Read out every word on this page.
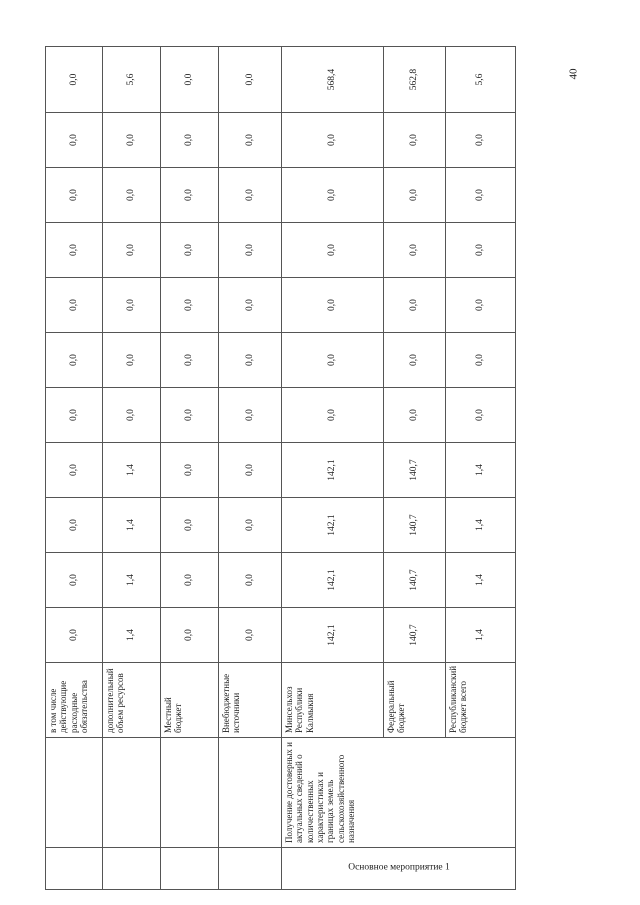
40
		в том числе действующие расходные обязательства	0,0	0,0	0,0	0,0	0,0	0,0	0,0	0,0	0,0	0,0	0,0
		дополнительный объем ресурсов	1,4	1,4	1,4	1,4	0,0	0,0	0,0	0,0	0,0	0,0	5,6
		Местный бюджет	0,0	0,0	0,0	0,0	0,0	0,0	0,0	0,0	0,0	0,0	0,0
		Внебюджетные источники	0,0	0,0	0,0	0,0	0,0	0,0	0,0	0,0	0,0	0,0	0,0

Основное мероприятие 1	Получение достоверных и актуальных сведений о количественных характеристиках и границах земель сельскохозяйственного назначения	Минсельхоз Республики Калмыкия	142,1	142,1	142,1	142,1	0,0	0,0	0,0	0,0	0,0	0,0	568,4
		Федеральный бюджет	140,7	140,7	140,7	140,7	0,0	0,0	0,0	0,0	0,0	0,0	562,8
		Республиканский бюджет всего	1,4	1,4	1,4	1,4	0,0	0,0	0,0	0,0	0,0	0,0	5,6
